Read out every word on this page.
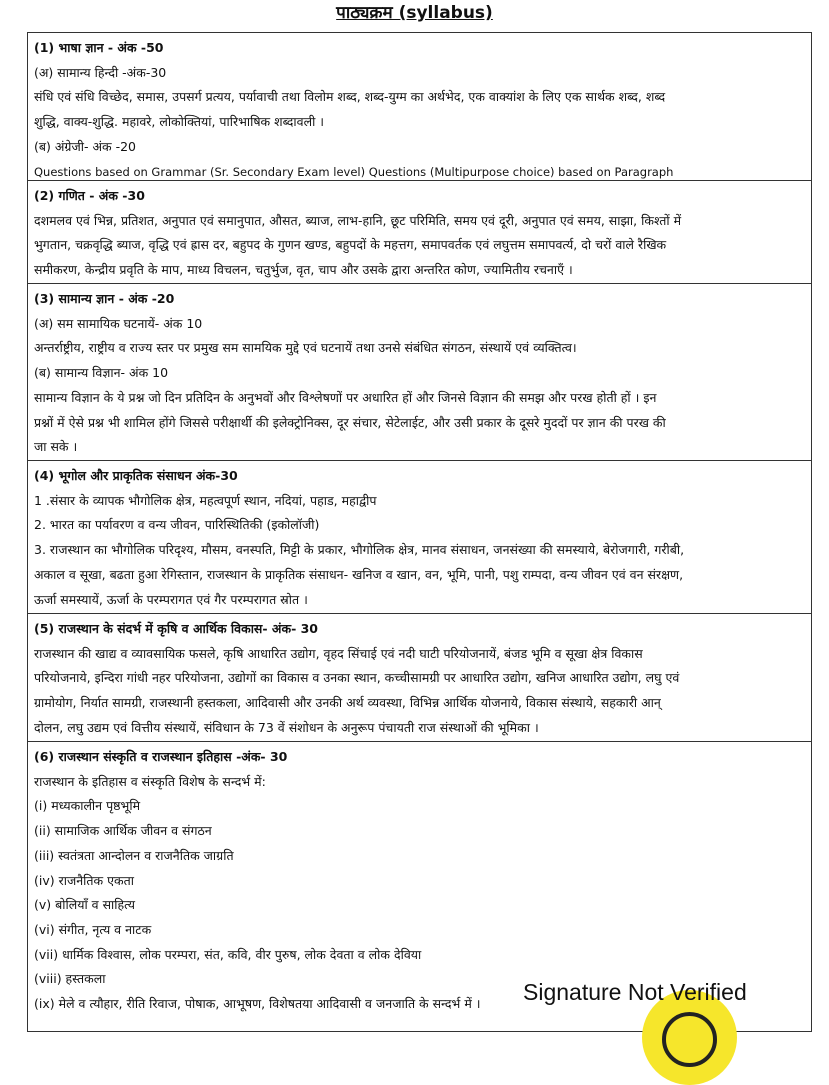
पाठ्यक्रम (syllabus)
(1) भाषा ज्ञान - अंक -50
(अ) सामान्य हिन्दी -अंक-30
संधि एवं संधि विच्छेद, समास, उपसर्ग प्रत्यय, पर्यावाची तथा विलोम शब्द, शब्द-युग्म का अर्थभेद, एक वाक्यांश के लिए एक सार्थक शब्द, शब्द
शुद्धि, वाक्य-शुद्धि. महावरे, लोकोक्तियां, पारिभाषिक शब्दावली ।
(ब) अंग्रेजी- अंक -20
Questions based on Grammar (Sr. Secondary Exam level) Questions (Multipurpose choice) based on Paragraph
(2) गणित - अंक -30
दशमलव एवं भिन्न, प्रतिशत, अनुपात एवं समानुपात, औसत, ब्याज, लाभ-हानि, छूट परिमिति, समय एवं दूरी, अनुपात एवं समय, साझा, किश्तों में
भुगतान, चक्रवृद्धि ब्याज, वृद्धि एवं ह्रास दर, बहुपद के गुणन खण्ड, बहुपदों के महत्तग, समापवर्तक एवं लघुत्तम समापवर्त्य, दो चरों वाले रैखिक
समीकरण, केन्द्रीय प्रवृति के माप, माध्य विचलन, चतुर्भुज, वृत, चाप और उसके द्वारा अन्तरित कोण, ज्यामितीय रचनाएँ ।
(3) सामान्य ज्ञान - अंक -20
(अ) सम सामायिक घटनायें- अंक 10
अन्तर्राष्ट्रीय, राष्ट्रीय व राज्य स्तर पर प्रमुख सम सामयिक मुद्दे एवं घटनायें तथा उनसे संबंधित संगठन, संस्थायें एवं व्यक्तित्व।
(ब) सामान्य विज्ञान- अंक 10
सामान्य विज्ञान के ये प्रश्न जो दिन प्रतिदिन के अनुभवों और विश्लेषणों पर अधारित हों और जिनसे विज्ञान की समझ और परख होती हों । इन
प्रश्नों में ऐसे प्रश्न भी शामिल होंगे जिससे परीक्षार्थी की इलेक्ट्रोनिक्स, दूर संचार, सेटेलाईट, और उसी प्रकार के दूसरे मुददों पर ज्ञान की परख की
जा सके ।
(4) भूगोल और प्राकृतिक संसाधन अंक-30
1 .संसार के व्यापक भौगोलिक क्षेत्र, महत्वपूर्ण स्थान, नदियां, पहाड, महाद्वीप
2. भारत का पर्यावरण व वन्य जीवन, पारिस्थितिकी (इकोलॉजी)
3. राजस्थान का भौगोलिक परिदृश्य, मौसम, वनस्पति, मिट्टी के प्रकार, भौगोलिक क्षेत्र, मानव संसाधन, जनसंख्या की समस्याये, बेरोजगारी, गरीबी,
अकाल व सूखा, बढता हुआ रेगिस्तान, राजस्थान के प्राकृतिक संसाधन- खनिज व खान, वन, भूमि, पानी, पशु राम्पदा, वन्य जीवन एवं वन संरक्षण,
ऊर्जा समस्यायें, ऊर्जा के परम्परागत एवं गैर परम्परागत स्रोत ।
(5) राजस्थान के संदर्भ में कृषि व आर्थिक विकास- अंक- 30
राजस्थान की खाद्य व व्यावसायिक फसले, कृषि आधारित उद्योग, वृहद सिंचाई एवं नदी घाटी परियोजनायें, बंजड भूमि व सूखा क्षेत्र विकास
परियोजनाये, इन्दिरा गांधी नहर परियोजना, उद्योगों का विकास व उनका स्थान, कच्चीसामग्री पर आधारित उद्योग, खनिज आधारित उद्योग, लघु एवं
ग्रामोयोग, निर्यात सामग्री, राजस्थानी हस्तकला, आदिवासी और उनकी अर्थ व्यवस्था, विभिन्न आर्थिक योजनाये, विकास संस्थाये, सहकारी आन्
दोलन, लघु उद्यम एवं वित्तीय संस्थायें, संविधान के 73 वें संशोधन के अनुरूप पंचायती राज संस्थाओं की भूमिका ।
(6) राजस्थान संस्कृति व राजस्थान इतिहास -अंक- 30
राजस्थान के इतिहास व संस्कृति विशेष के सन्दर्भ में:
(i) मध्यकालीन पृष्ठभूमि
(ii) सामाजिक आर्थिक जीवन व संगठन
(iii) स्वतंत्रता आन्दोलन व राजनैतिक जाग्रति
(iv) राजनैतिक एकता
(v) बोलियाँ व साहित्य
(vi) संगीत, नृत्य व नाटक
(vii) धार्मिक विश्वास, लोक परम्परा, संत, कवि, वीर पुरुष, लोक देवता व लोक देविया
(viii) हस्तकला
(ix) मेले व त्यौहार, रीति रिवाज, पोषाक, आभूषण, विशेषतया आदिवासी व जनजाति के सन्दर्भ में ।	Signature Not Verified
